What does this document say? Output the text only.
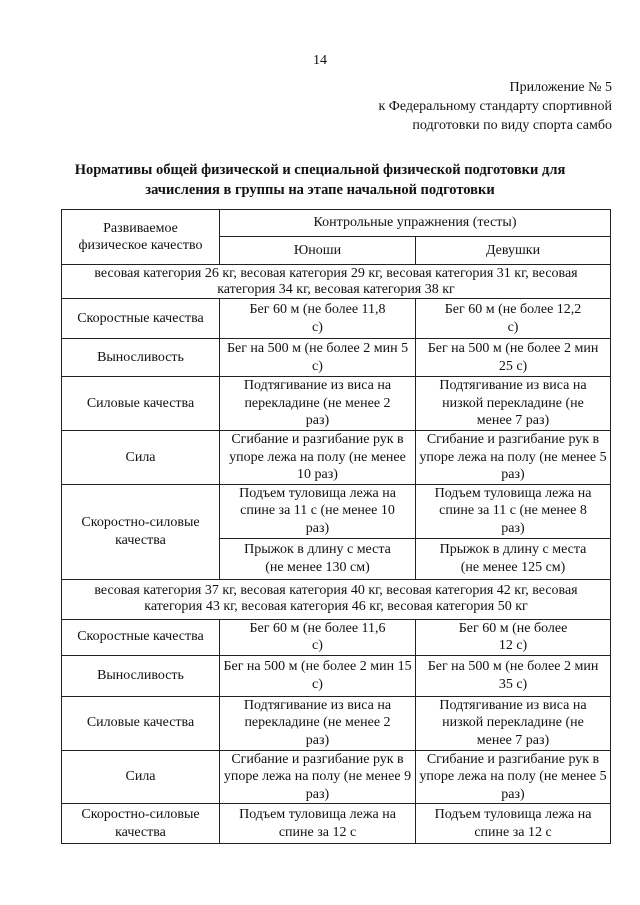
14
Приложение № 5
к Федеральному стандарту спортивной
подготовки по виду спорта самбо
Нормативы общей физической и специальной физической подготовки для
зачисления в группы на этапе начальной подготовки
Развиваемое физическое качество	Контрольные упражнения (тесты)	
	Юноши	Девушки
весовая категория 26 кг, весовая категория 29 кг, весовая категория 31 кг, весовая категория 34 кг, весовая категория 38 кг		
Скоростные качества	Бег 60 м (не более 11,8 с)	Бег 60 м (не более 12,2 с)
Выносливость	Бег на 500 м (не более 2 мин 5 с)	Бег на 500 м (не более 2 мин 25 с)
Силовые качества	Подтягивание из виса на перекладине (не менее 2 раз)	Подтягивание из виса на низкой перекладине (не менее 7 раз)
Сила	Сгибание и разгибание рук в упоре лежа на полу (не менее 10 раз)	Сгибание и разгибание рук в упоре лежа на полу (не менее 5 раз)
Скоростно-силовые качества	Подъем туловища лежа на спине за 11 с (не менее 10 раз)	Подъем туловища лежа на спине за 11 с (не менее 8 раз)
	Прыжок в длину с места (не менее 130 см)	Прыжок в длину с места (не менее 125 см)
весовая категория 37 кг, весовая категория 40 кг, весовая категория 42 кг, весовая категория 43 кг, весовая категория 46 кг, весовая категория 50 кг		
Скоростные качества	Бег 60 м (не более 11,6 с)	Бег 60 м (не более 12 с)
Выносливость	Бег на 500 м (не более 2 мин 15 с)	Бег на 500 м (не более 2 мин 35 с)
Силовые качества	Подтягивание из виса на перекладине (не менее 2 раз)	Подтягивание из виса на низкой перекладине (не менее 7 раз)
Сила	Сгибание и разгибание рук в упоре лежа на полу (не менее 9 раз)	Сгибание и разгибание рук в упоре лежа на полу (не менее 5 раз)
Скоростно-силовые качества	Подъем туловища лежа на спине за 12 с	Подъем туловища лежа на спине за 12 с
